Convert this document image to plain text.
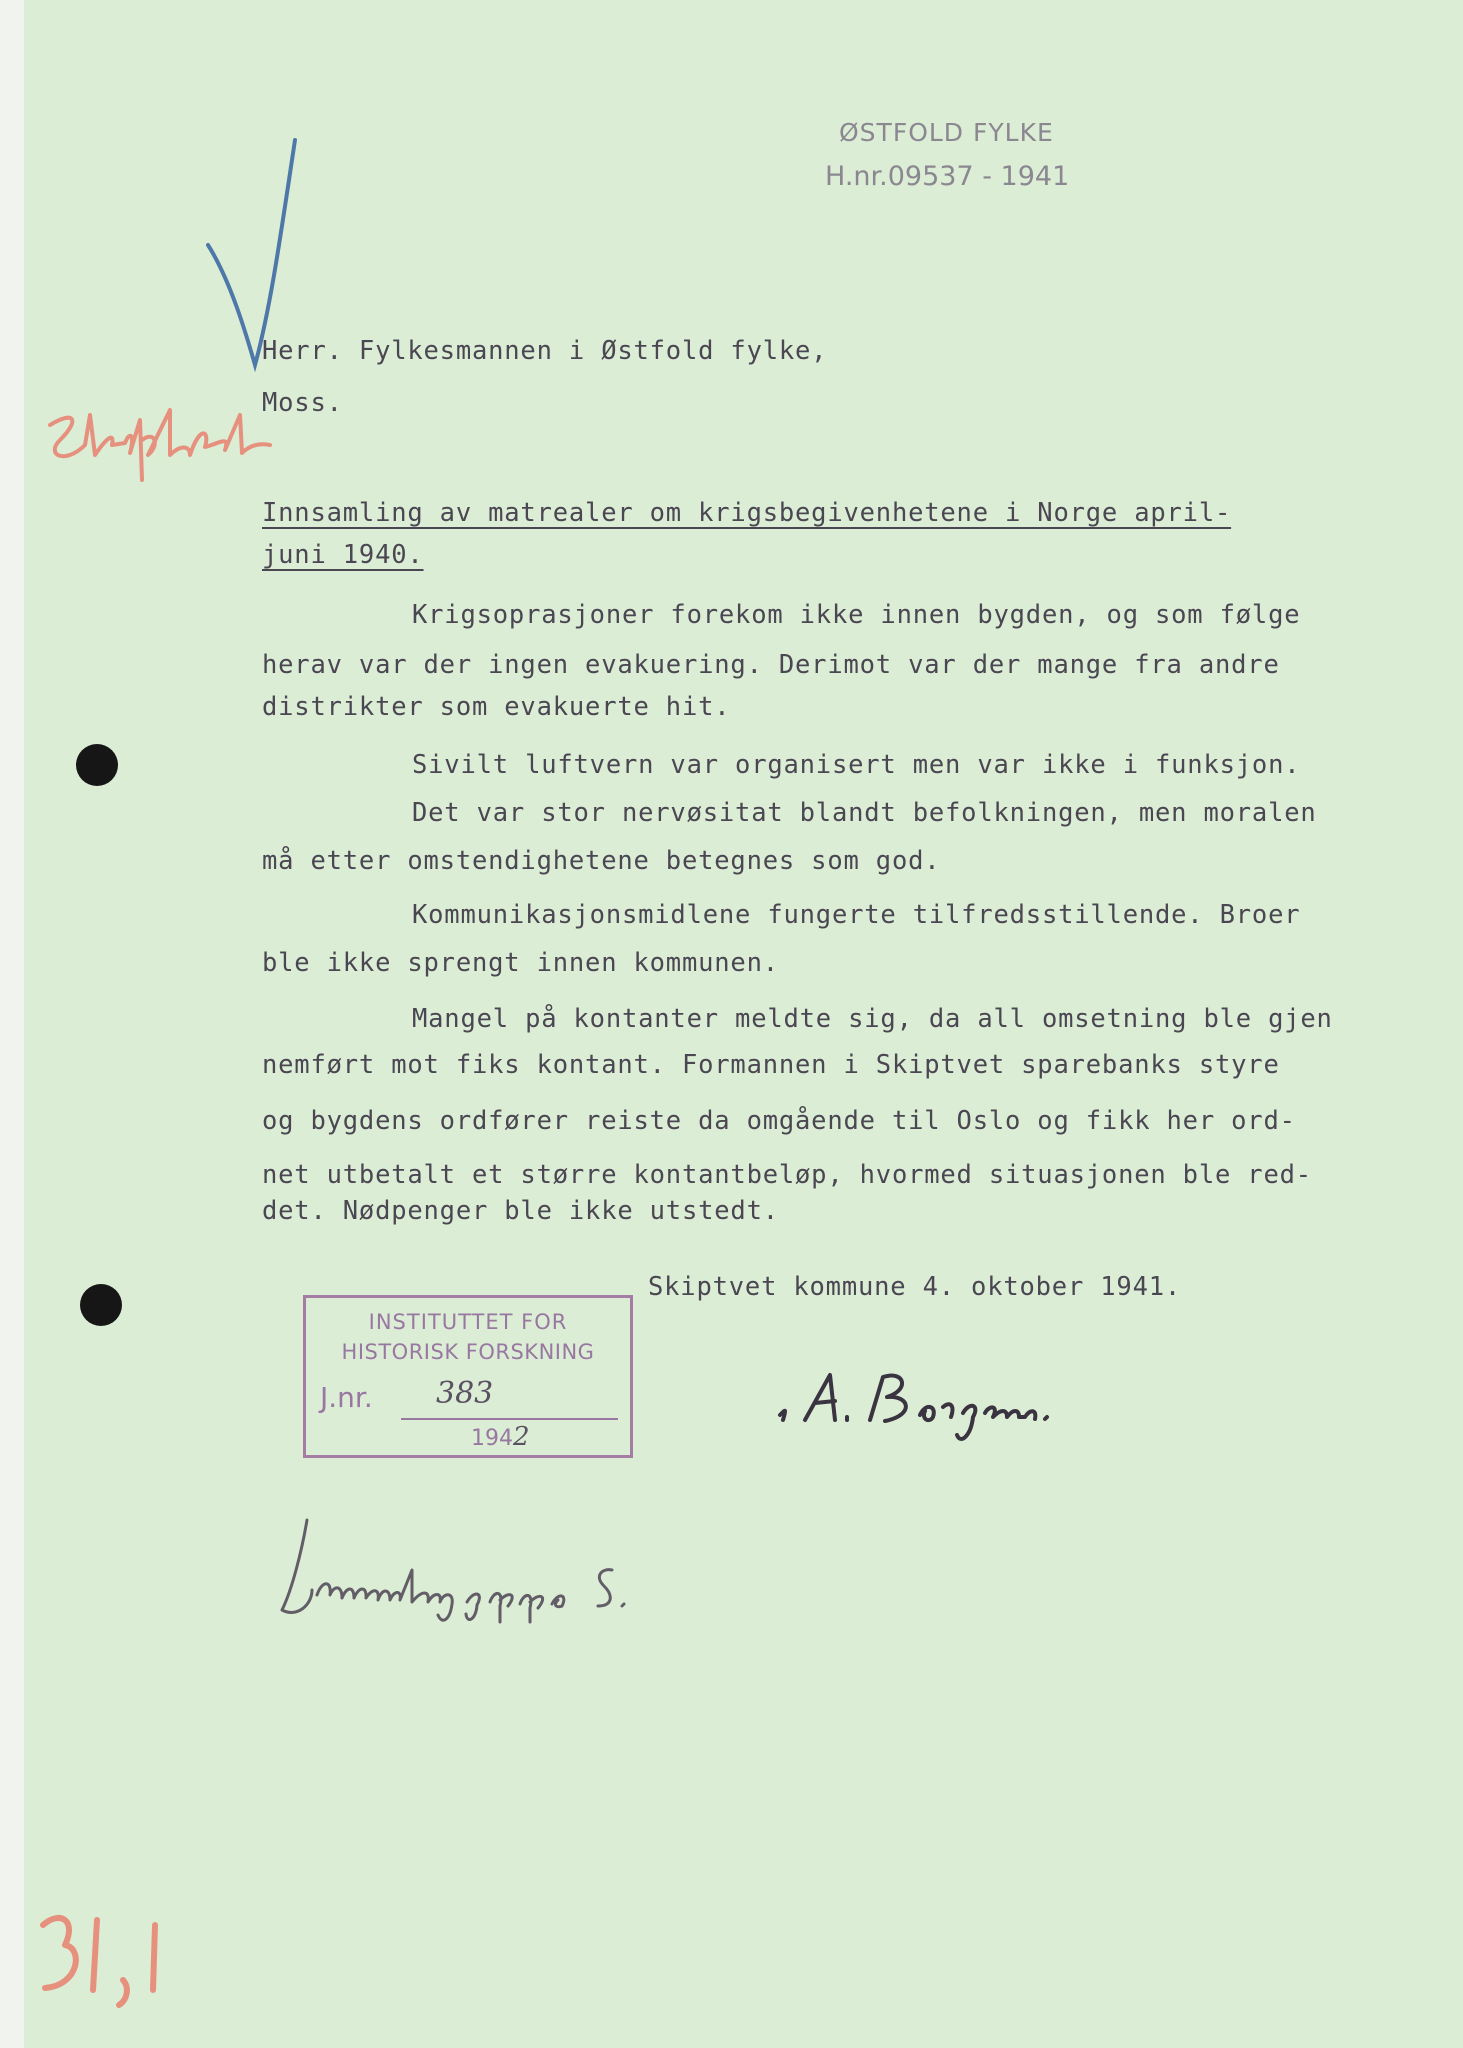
ØSTFOLD FYLKE
H.nr.09537 - 1941
Herr. Fylkesmannen i Østfold fylke,
Moss.
Innsamling av matrealer om krigsbegivenhetene i Norge april-
juni 1940.
Krigsoprasjoner forekom ikke innen bygden, og som følge
herav var der ingen evakuering. Derimot var der mange fra andre
distrikter som evakuerte hit.
Sivilt luftvern var organisert men var ikke i funksjon.
Det var stor nervøsitat blandt befolkningen, men moralen
må etter omstendighetene betegnes som god.
Kommunikasjonsmidlene fungerte tilfredsstillende. Broer
ble ikke sprengt innen kommunen.
Mangel på kontanter meldte sig, da all omsetning ble gjen
nemført mot fiks kontant. Formannen i Skiptvet sparebanks styre
og bygdens ordfører reiste da omgående til Oslo og fikk her ord-
net utbetalt et større kontantbeløp, hvormed situasjonen ble red-
det. Nødpenger ble ikke utstedt.
Skiptvet kommune 4. oktober 1941.
INSTITUTTET FOR
HISTORISK FORSKNING
J.nr. 383
1942
